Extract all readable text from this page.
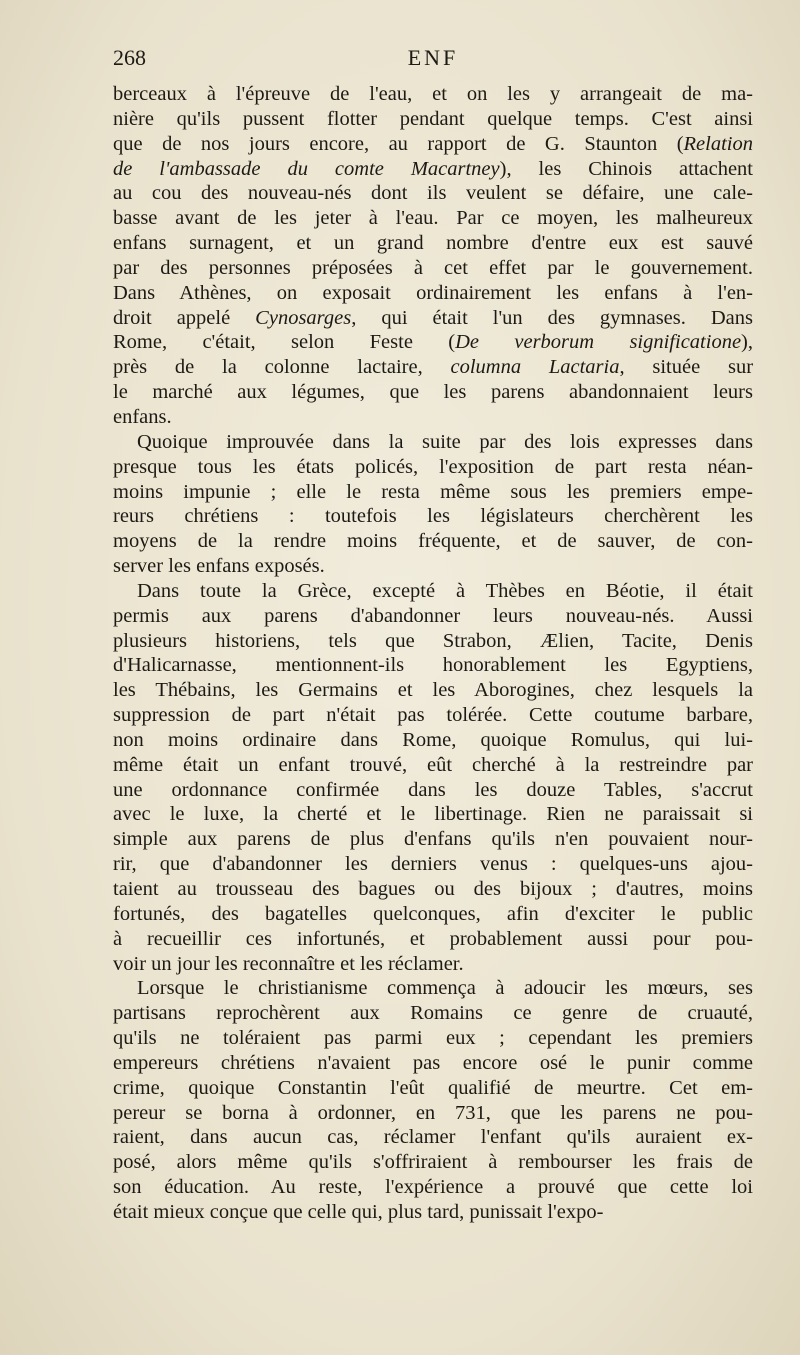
268	ENF
berceaux à l'épreuve de l'eau, et on les y arrangeait de ma-
nière qu'ils pussent flotter pendant quelque temps. C'est ainsi
que de nos jours encore, au rapport de G. Staunton (Relation
de l'ambassade du comte Macartney), les Chinois attachent
au cou des nouveau-nés dont ils veulent se défaire, une cale-
basse avant de les jeter à l'eau. Par ce moyen, les malheureux
enfans surnagent, et un grand nombre d'entre eux est sauvé
par des personnes préposées à cet effet par le gouvernement.
Dans Athènes, on exposait ordinairement les enfans à l'en-
droit appelé Cynosarges, qui était l'un des gymnases. Dans
Rome, c'était, selon Feste (De verborum significatione),
près de la colonne lactaire, columna Lactaria, située sur
le marché aux légumes, que les parens abandonnaient leurs
enfans.
Quoique improuvée dans la suite par des lois expresses dans
presque tous les états policés, l'exposition de part resta néan-
moins impunie ; elle le resta même sous les premiers empe-
reurs chrétiens : toutefois les législateurs cherchèrent les
moyens de la rendre moins fréquente, et de sauver, de con-
server les enfans exposés.
Dans toute la Grèce, excepté à Thèbes en Béotie, il était
permis aux parens d'abandonner leurs nouveau-nés. Aussi
plusieurs historiens, tels que Strabon, Ælien, Tacite, Denis
d'Halicarnasse, mentionnent-ils honorablement les Egyptiens,
les Thébains, les Germains et les Aborogines, chez lesquels la
suppression de part n'était pas tolérée. Cette coutume barbare,
non moins ordinaire dans Rome, quoique Romulus, qui lui-
même était un enfant trouvé, eût cherché à la restreindre par
une ordonnance confirmée dans les douze Tables, s'accrut
avec le luxe, la cherté et le libertinage. Rien ne paraissait si
simple aux parens de plus d'enfans qu'ils n'en pouvaient nour-
rir, que d'abandonner les derniers venus : quelques-uns ajou-
taient au trousseau des bagues ou des bijoux ; d'autres, moins
fortunés, des bagatelles quelconques, afin d'exciter le public
à recueillir ces infortunés, et probablement aussi pour pou-
voir un jour les reconnaître et les réclamer.
Lorsque le christianisme commença à adoucir les mœurs, ses
partisans reprochèrent aux Romains ce genre de cruauté,
qu'ils ne toléraient pas parmi eux ; cependant les premiers
empereurs chrétiens n'avaient pas encore osé le punir comme
crime, quoique Constantin l'eût qualifié de meurtre. Cet em-
pereur se borna à ordonner, en 731, que les parens ne pou-
raient, dans aucun cas, réclamer l'enfant qu'ils auraient ex-
posé, alors même qu'ils s'offriraient à rembourser les frais de
son éducation. Au reste, l'expérience a prouvé que cette loi
était mieux conçue que celle qui, plus tard, punissait l'expo-
